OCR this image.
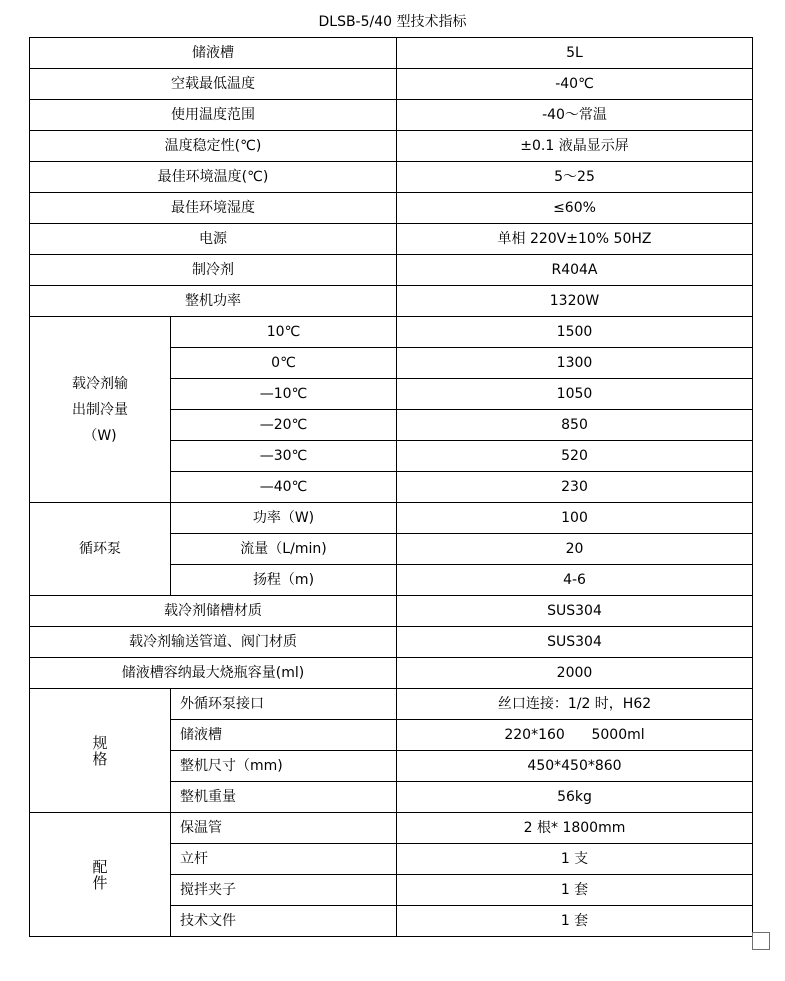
DLSB-5/40 型技术指标
储液槽		5L
空载最低温度		-40℃
使用温度范围		-40～常温
温度稳定性(℃)		±0.1 液晶显示屏
最佳环境温度(℃)		5～25
最佳环境湿度		≤60%
电源		单相 220V±10% 50HZ
制冷剂		R404A
整机功率		1320W

载冷剂输
出制冷量
（W)	10℃	1500
	0℃	1300
	—10℃	1050
	—20℃	850
	—30℃	520
	—40℃	230
循环泵	功率（W)	100
	流量（L/min)	20
	扬程（m)	4-6
载冷剂储槽材质		SUS304
载冷剂输送管道、阀门材质		SUS304
储液槽容纳最大烧瓶容量(ml)		2000

规
格	外循环泵接口	丝口连接：1/2 时，H62
	储液槽	220*160      5000ml
	整机尺寸（mm)	450*450*860
	整机重量	56kg

配
件	保温管	2 根* 1800mm
	立杆	1 支
	搅拌夹子	1 套
	技术文件	1 套
